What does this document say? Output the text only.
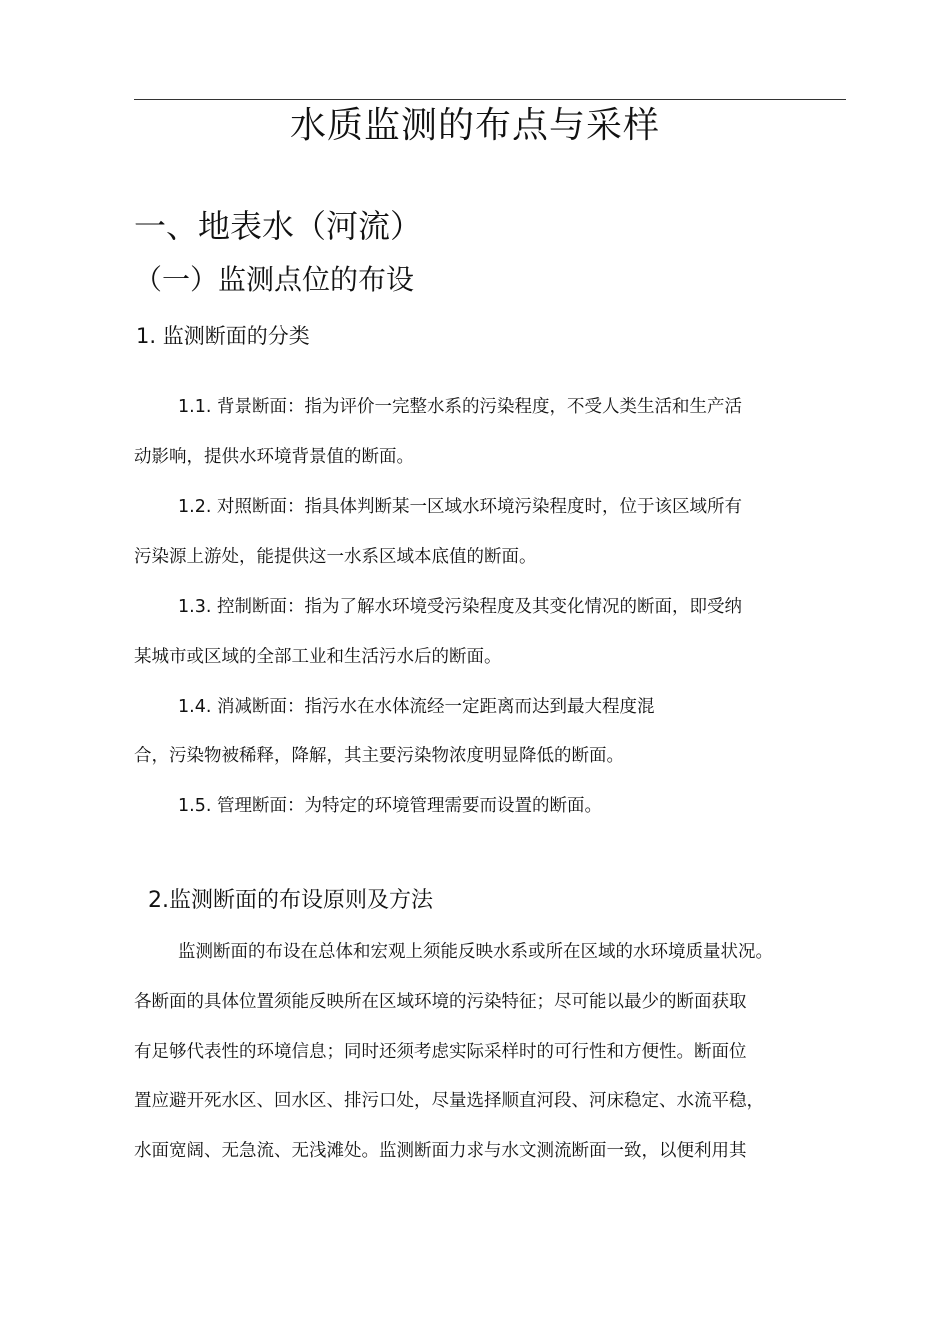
水质监测的布点与采样
一、地表水（河流）
（一）监测点位的布设
1. 监测断面的分类
1.1. 背景断面：指为评价一完整水系的污染程度，不受人类生活和生产活
动影响，提供水环境背景值的断面。
1.2. 对照断面：指具体判断某一区域水环境污染程度时，位于该区域所有
污染源上游处，能提供这一水系区域本底值的断面。
1.3. 控制断面：指为了解水环境受污染程度及其变化情况的断面，即受纳
某城市或区域的全部工业和生活污水后的断面。
1.4. 消减断面：指污水在水体流经一定距离而达到最大程度混
合，污染物被稀释，降解，其主要污染物浓度明显降低的断面。
1.5. 管理断面：为特定的环境管理需要而设置的断面。
2.监测断面的布设原则及方法
监测断面的布设在总体和宏观上须能反映水系或所在区域的水环境质量状况。
各断面的具体位置须能反映所在区域环境的污染特征；尽可能以最少的断面获取
有足够代表性的环境信息；同时还须考虑实际采样时的可行性和方便性。断面位
置应避开死水区、回水区、排污口处，尽量选择顺直河段、河床稳定、水流平稳，
水面宽阔、无急流、无浅滩处。监测断面力求与水文测流断面一致，以便利用其
